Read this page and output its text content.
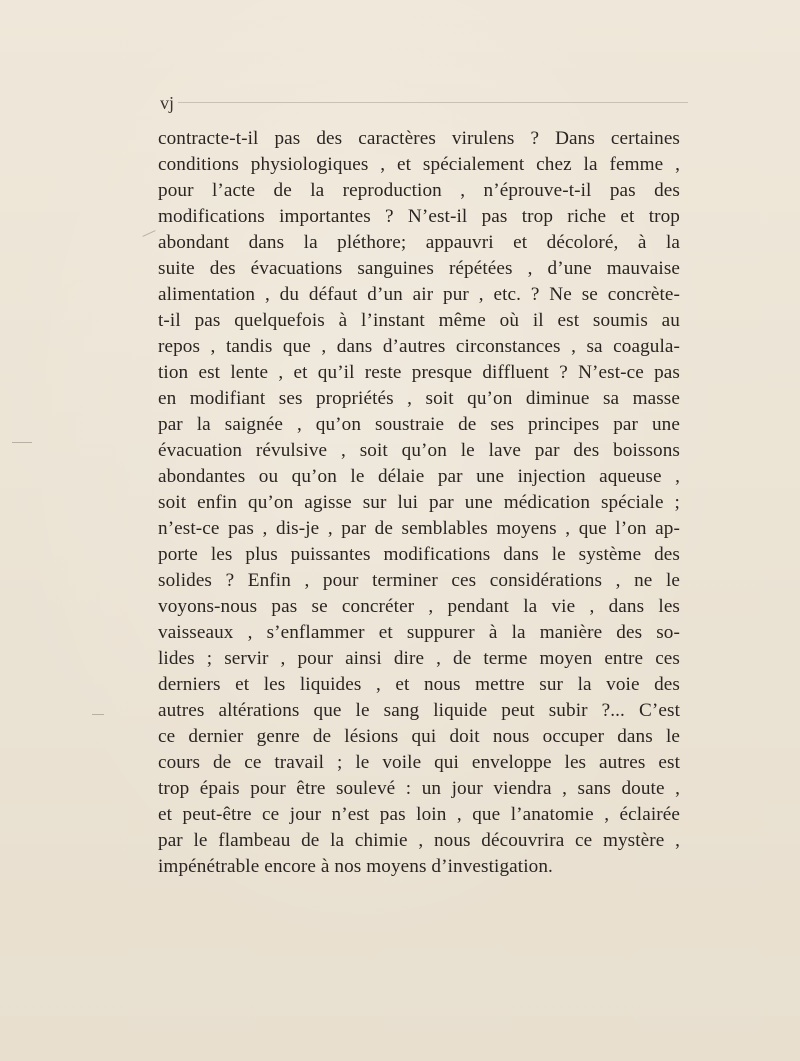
vj
contracte-t-il pas des caractères virulens ? Dans certaines
conditions physiologiques , et spécialement chez la femme ,
pour l’acte de la reproduction , n’éprouve-t-il pas des
modifications importantes ? N’est-il pas trop riche et trop
abondant dans la pléthore; appauvri et décoloré, à la
suite des évacuations sanguines répétées , d’une mauvaise
alimentation , du défaut d’un air pur , etc. ? Ne se concrète-
t-il pas quelquefois à l’instant même où il est soumis au
repos , tandis que , dans d’autres circonstances , sa coagula-
tion est lente , et qu’il reste presque diffluent ? N’est-ce pas
en modifiant ses propriétés , soit qu’on diminue sa masse
par la saignée , qu’on soustraie de ses principes par une
évacuation révulsive , soit qu’on le lave par des boissons
abondantes ou qu’on le délaie par une injection aqueuse ,
soit enfin qu’on agisse sur lui par une médication spéciale ;
n’est-ce pas , dis-je , par de semblables moyens , que l’on ap-
porte les plus puissantes modifications dans le système des
solides ? Enfin , pour terminer ces considérations , ne le
voyons-nous pas se concréter , pendant la vie , dans les
vaisseaux , s’enflammer et suppurer à la manière des so-
lides ; servir , pour ainsi dire , de terme moyen entre ces
derniers et les liquides , et nous mettre sur la voie des
autres altérations que le sang liquide peut subir ?... C’est
ce dernier genre de lésions qui doit nous occuper dans le
cours de ce travail ; le voile qui enveloppe les autres est
trop épais pour être soulevé : un jour viendra , sans doute ,
et peut-être ce jour n’est pas loin , que l’anatomie , éclairée
par le flambeau de la chimie , nous découvrira ce mystère ,
impénétrable encore à nos moyens d’investigation.
